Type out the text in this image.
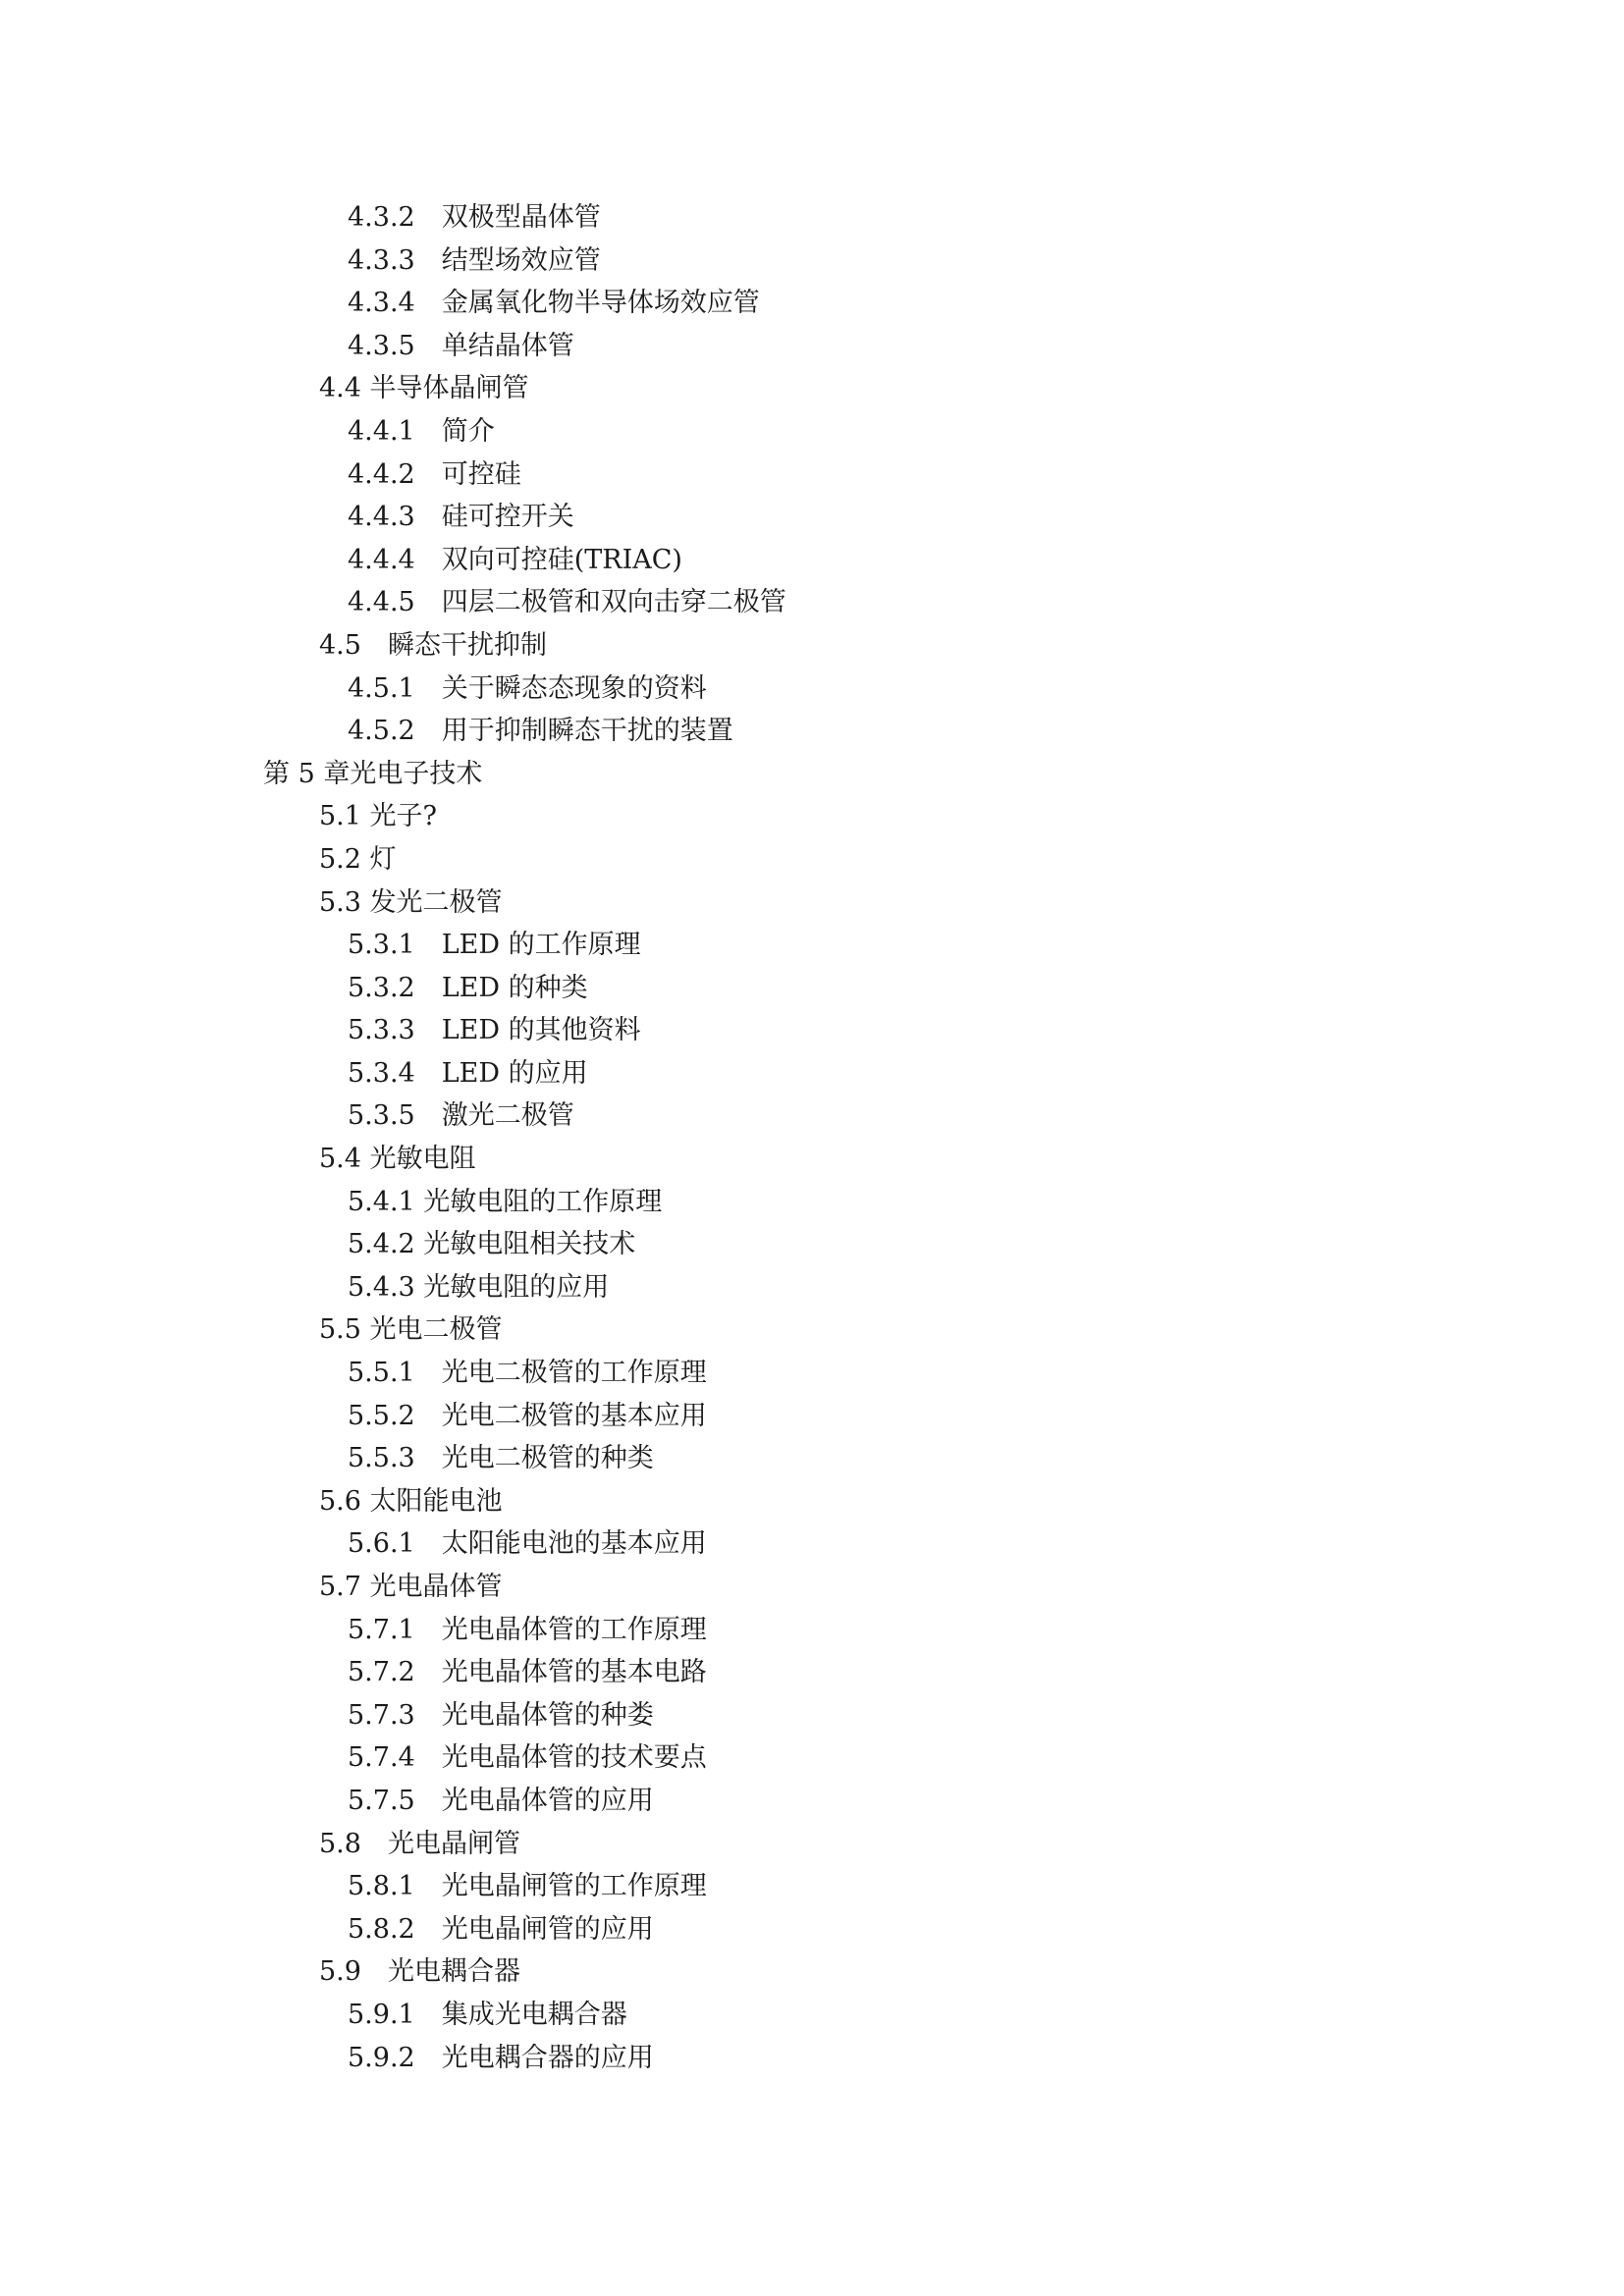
4.3.2　双极型晶体管
4.3.3　结型场效应管
4.3.4　金属氧化物半导体场效应管
4.3.5　单结晶体管
4.4 半导体晶闸管
4.4.1　简介
4.4.2　可控硅
4.4.3　硅可控开关
4.4.4　双向可控硅(TRIAC)
4.4.5　四层二极管和双向击穿二极管
4.5　瞬态干扰抑制
4.5.1　关于瞬态态现象的资料
4.5.2　用于抑制瞬态干扰的装置
第 5 章光电子技术
5.1 光子?
5.2 灯
5.3 发光二极管
5.3.1　LED 的工作原理
5.3.2　LED 的种类
5.3.3　LED 的其他资料
5.3.4　LED 的应用
5.3.5　激光二极管
5.4 光敏电阻
5.4.1 光敏电阻的工作原理
5.4.2 光敏电阻相关技术
5.4.3 光敏电阻的应用
5.5 光电二极管
5.5.1　光电二极管的工作原理
5.5.2　光电二极管的基本应用
5.5.3　光电二极管的种类
5.6 太阳能电池
5.6.1　太阳能电池的基本应用
5.7 光电晶体管
5.7.1　光电晶体管的工作原理
5.7.2　光电晶体管的基本电路
5.7.3　光电晶体管的种娄
5.7.4　光电晶体管的技术要点
5.7.5　光电晶体管的应用
5.8　光电晶闸管
5.8.1　光电晶闸管的工作原理
5.8.2　光电晶闸管的应用
5.9　光电耦合器
5.9.1　集成光电耦合器
5.9.2　光电耦合器的应用
